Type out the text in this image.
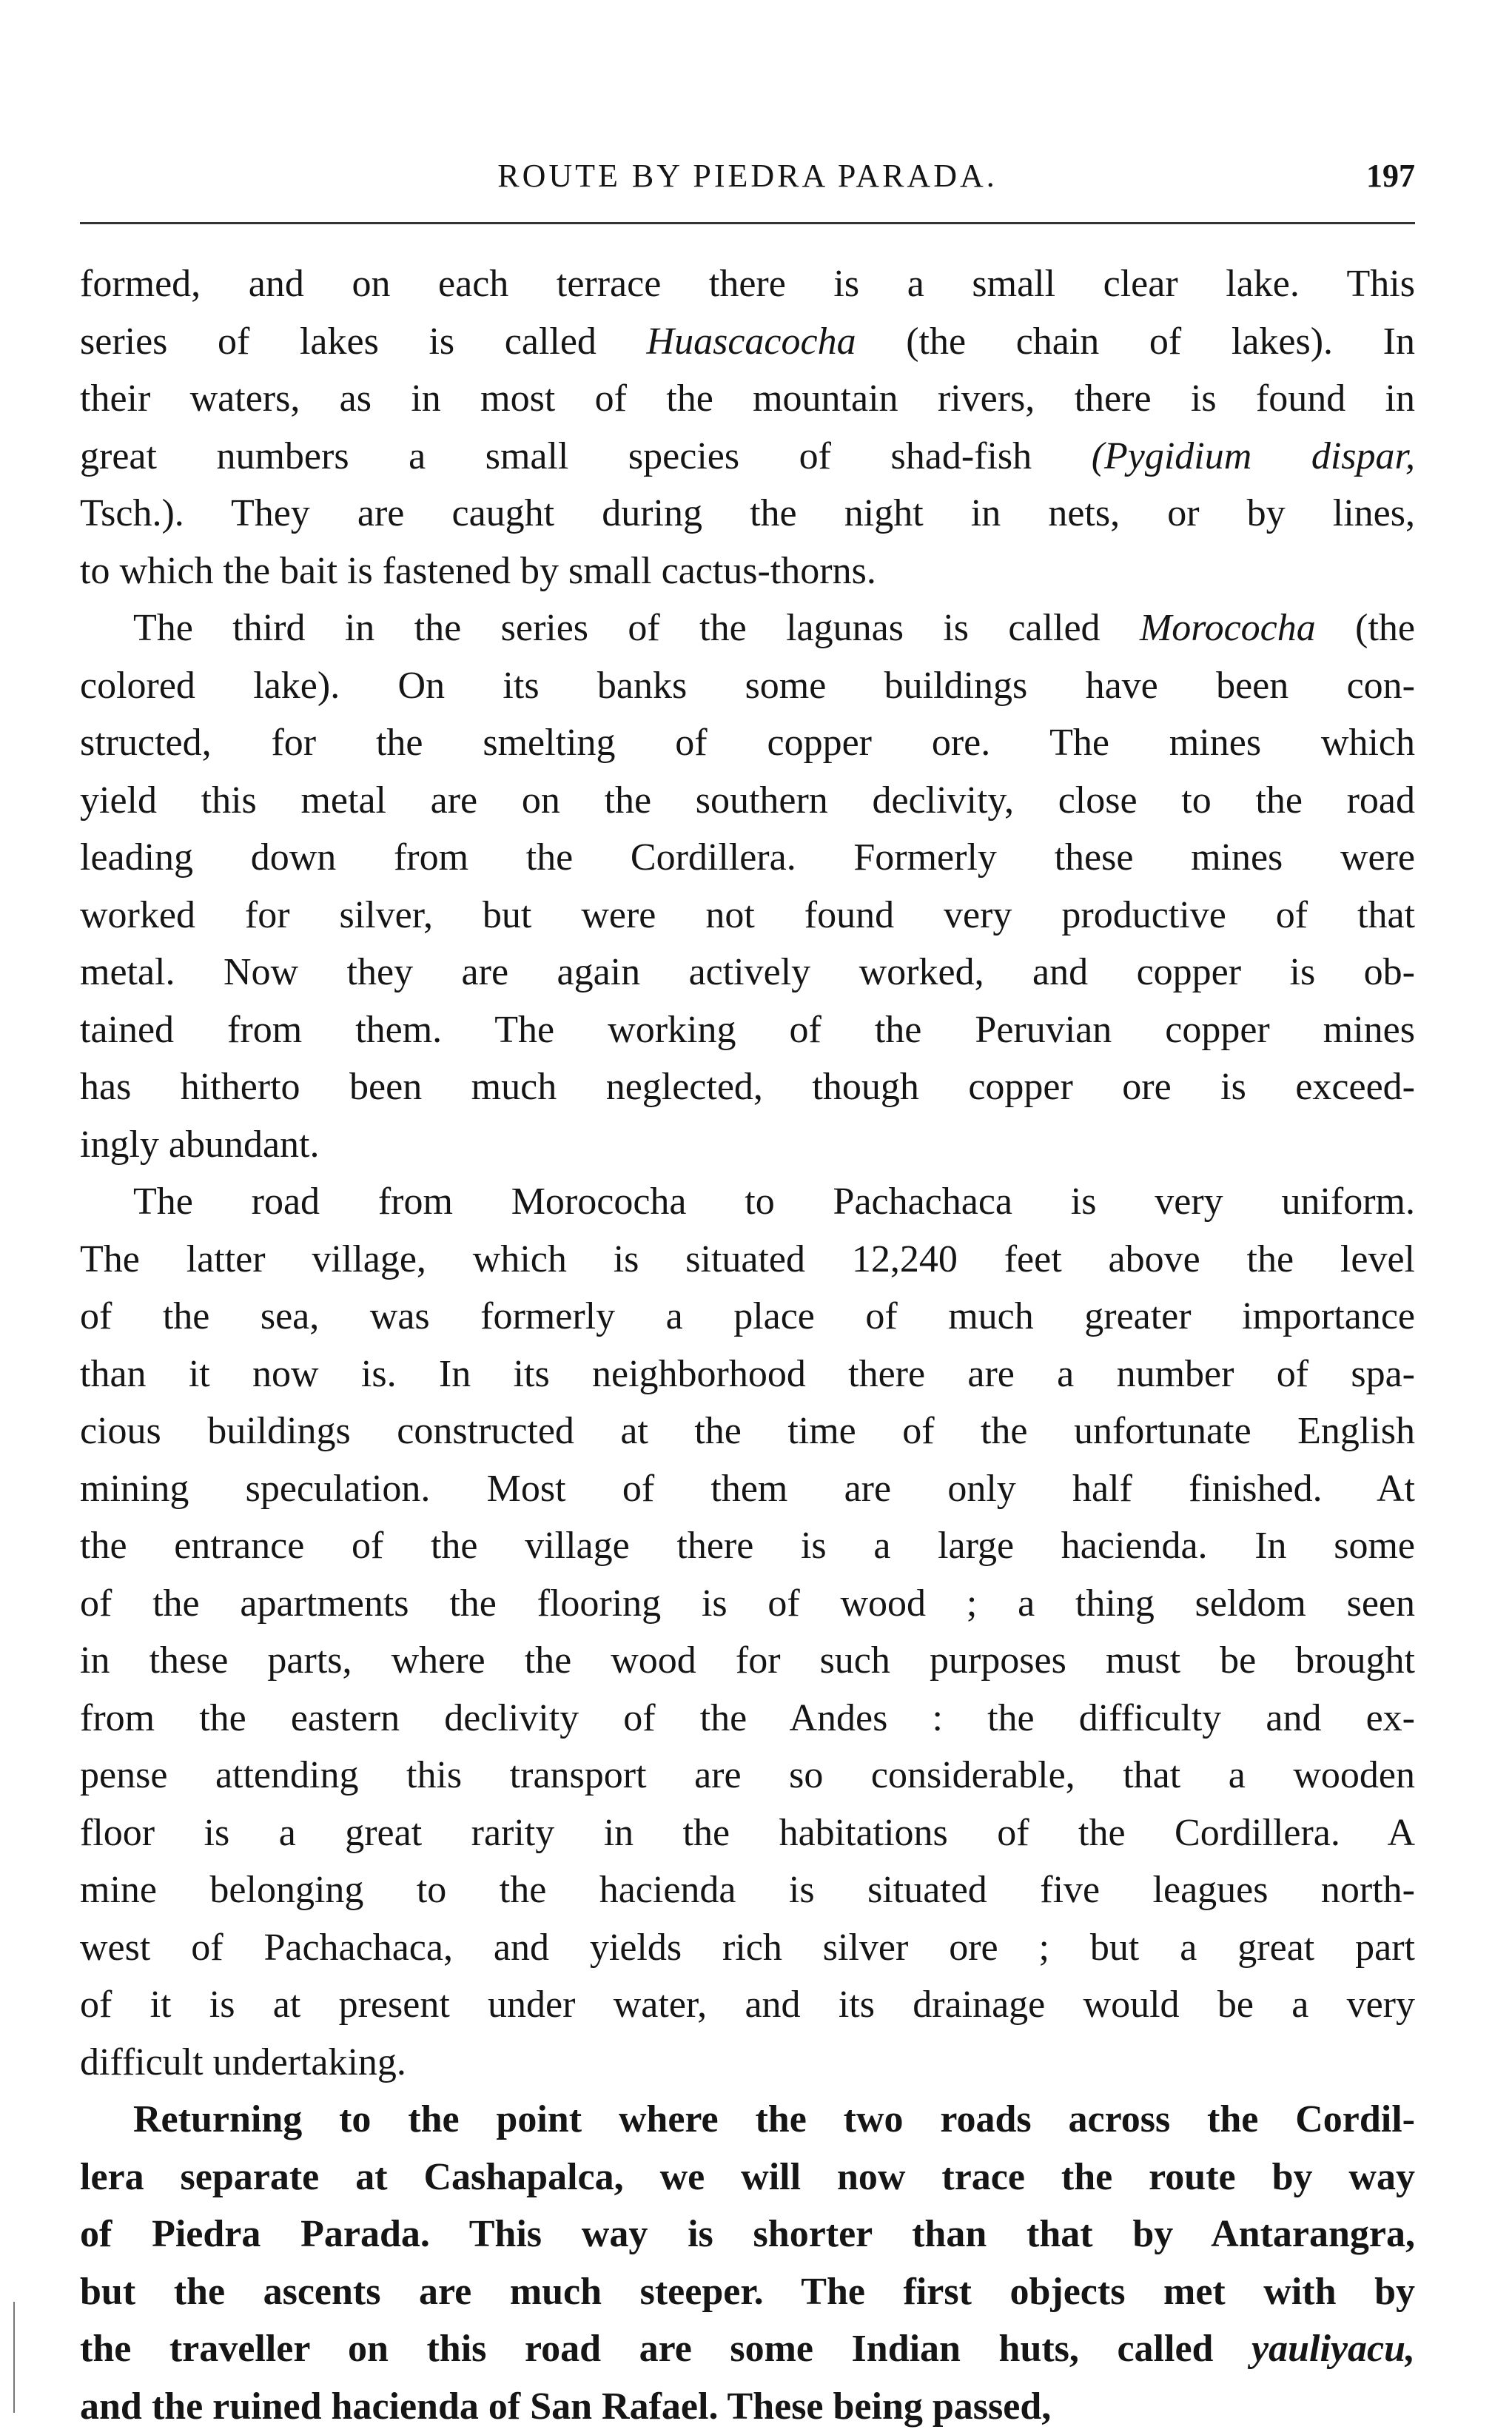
ROUTE BY PIEDRA PARADA.	197
formed, and on each terrace there is a small clear lake. This
series of lakes is called Huascacocha (the chain of lakes). In
their waters, as in most of the mountain rivers, there is found in
great numbers a small species of shad-fish (Pygidium dispar,
Tsch.). They are caught during the night in nets, or by lines,
to which the bait is fastened by small cactus-thorns.
The third in the series of the lagunas is called Morococha (the
colored lake). On its banks some buildings have been con-
structed, for the smelting of copper ore. The mines which
yield this metal are on the southern declivity, close to the road
leading down from the Cordillera. Formerly these mines were
worked for silver, but were not found very productive of that
metal. Now they are again actively worked, and copper is ob-
tained from them. The working of the Peruvian copper mines
has hitherto been much neglected, though copper ore is exceed-
ingly abundant.
The road from Morococha to Pachachaca is very uniform.
The latter village, which is situated 12,240 feet above the level
of the sea, was formerly a place of much greater importance
than it now is. In its neighborhood there are a number of spa-
cious buildings constructed at the time of the unfortunate English
mining speculation. Most of them are only half finished. At
the entrance of the village there is a large hacienda. In some
of the apartments the flooring is of wood ; a thing seldom seen
in these parts, where the wood for such purposes must be brought
from the eastern declivity of the Andes : the difficulty and ex-
pense attending this transport are so considerable, that a wooden
floor is a great rarity in the habitations of the Cordillera. A
mine belonging to the hacienda is situated five leagues north-
west of Pachachaca, and yields rich silver ore ; but a great part
of it is at present under water, and its drainage would be a very
difficult undertaking.
Returning to the point where the two roads across the Cordil-
lera separate at Cashapalca, we will now trace the route by way
of Piedra Parada. This way is shorter than that by Antarangra,
but the ascents are much steeper. The first objects met with by
the traveller on this road are some Indian huts, called yauliyacu,
and the ruined hacienda of San Rafael. These being passed,
